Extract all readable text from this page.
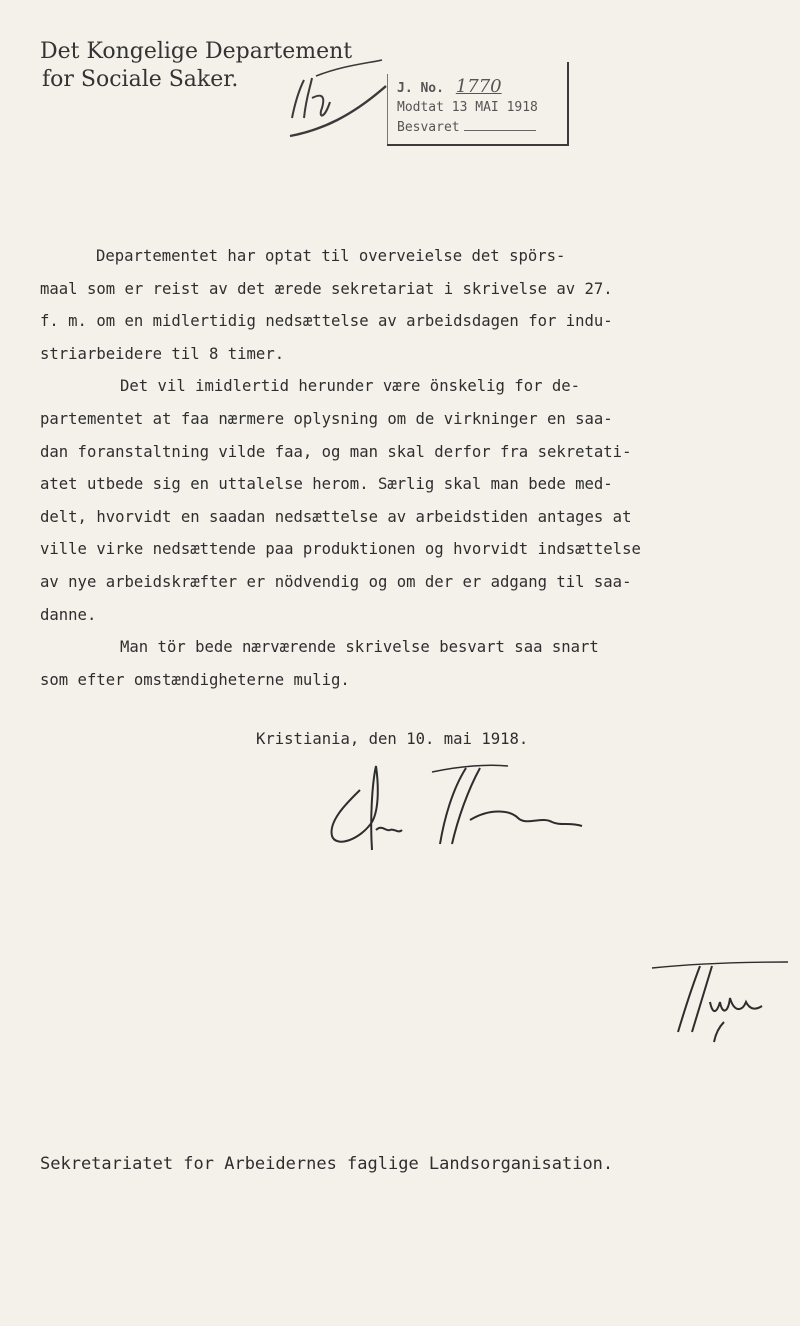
Det Kongelige Departement
for Sociale Saker.	J. No. 1770
Modtat 13 MAI 1918
Besvaret

Departementet har optat til overveielse det spörs-

maal som er reist av det ærede sekretariat i skrivelse av 27.

f. m. om en midlertidig nedsættelse av arbeidsdagen for indu-

striarbeidere til 8 timer.

Det vil imidlertid herunder være önskelig for de-

partementet at faa nærmere oplysning om de virkninger en saa-

dan foranstaltning vilde faa, og man skal derfor fra sekretati-

atet utbede sig en uttalelse herom. Særlig skal man bede med-

delt, hvorvidt en saadan nedsættelse av arbeidstiden antages at

ville virke nedsættende paa produktionen og hvorvidt indsættelse

av nye arbeidskræfter er nödvendig og om der er adgang til saa-

danne.

Man tör bede nærværende skrivelse besvart saa snart

som efter omstændigheterne mulig.

Kristiania, den 10. mai 1918.
Sekretariatet for Arbeidernes faglige Landsorganisation.
